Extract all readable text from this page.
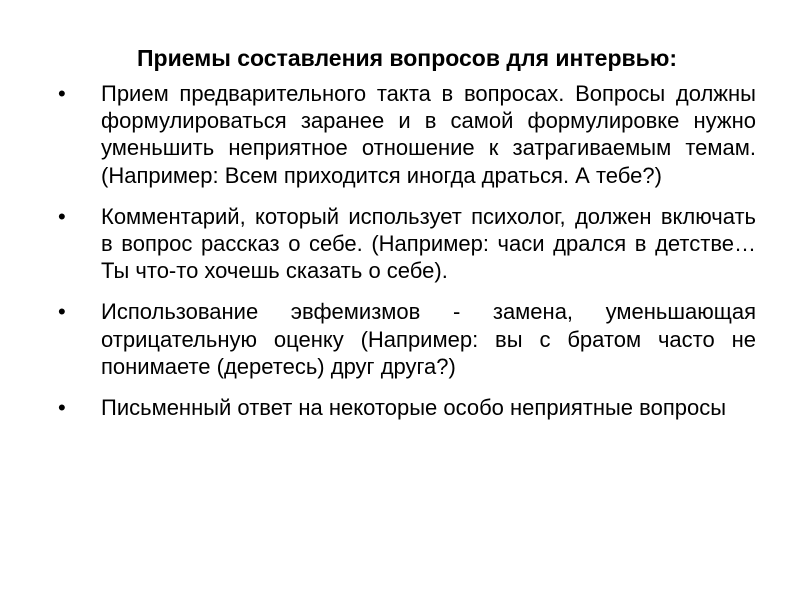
Приемы составления вопросов для интервью:
• Прием предварительного такта в вопросах. Вопросы должны формулироваться заранее и в самой формулировке нужно уменьшить неприятное отношение к затрагиваемым темам. (Например: Всем приходится иногда драться. А тебе?)
• Комментарий, который использует психолог, должен включать в вопрос рассказ о себе. (Например: часи дрался в детстве… Ты что-то хочешь сказать о себе).
• Использование эвфемизмов - замена, уменьшающая отрицательную оценку (Например: вы с братом часто не понимаете (деретесь) друг друга?)
• Письменный ответ на некоторые особо неприятные вопросы
